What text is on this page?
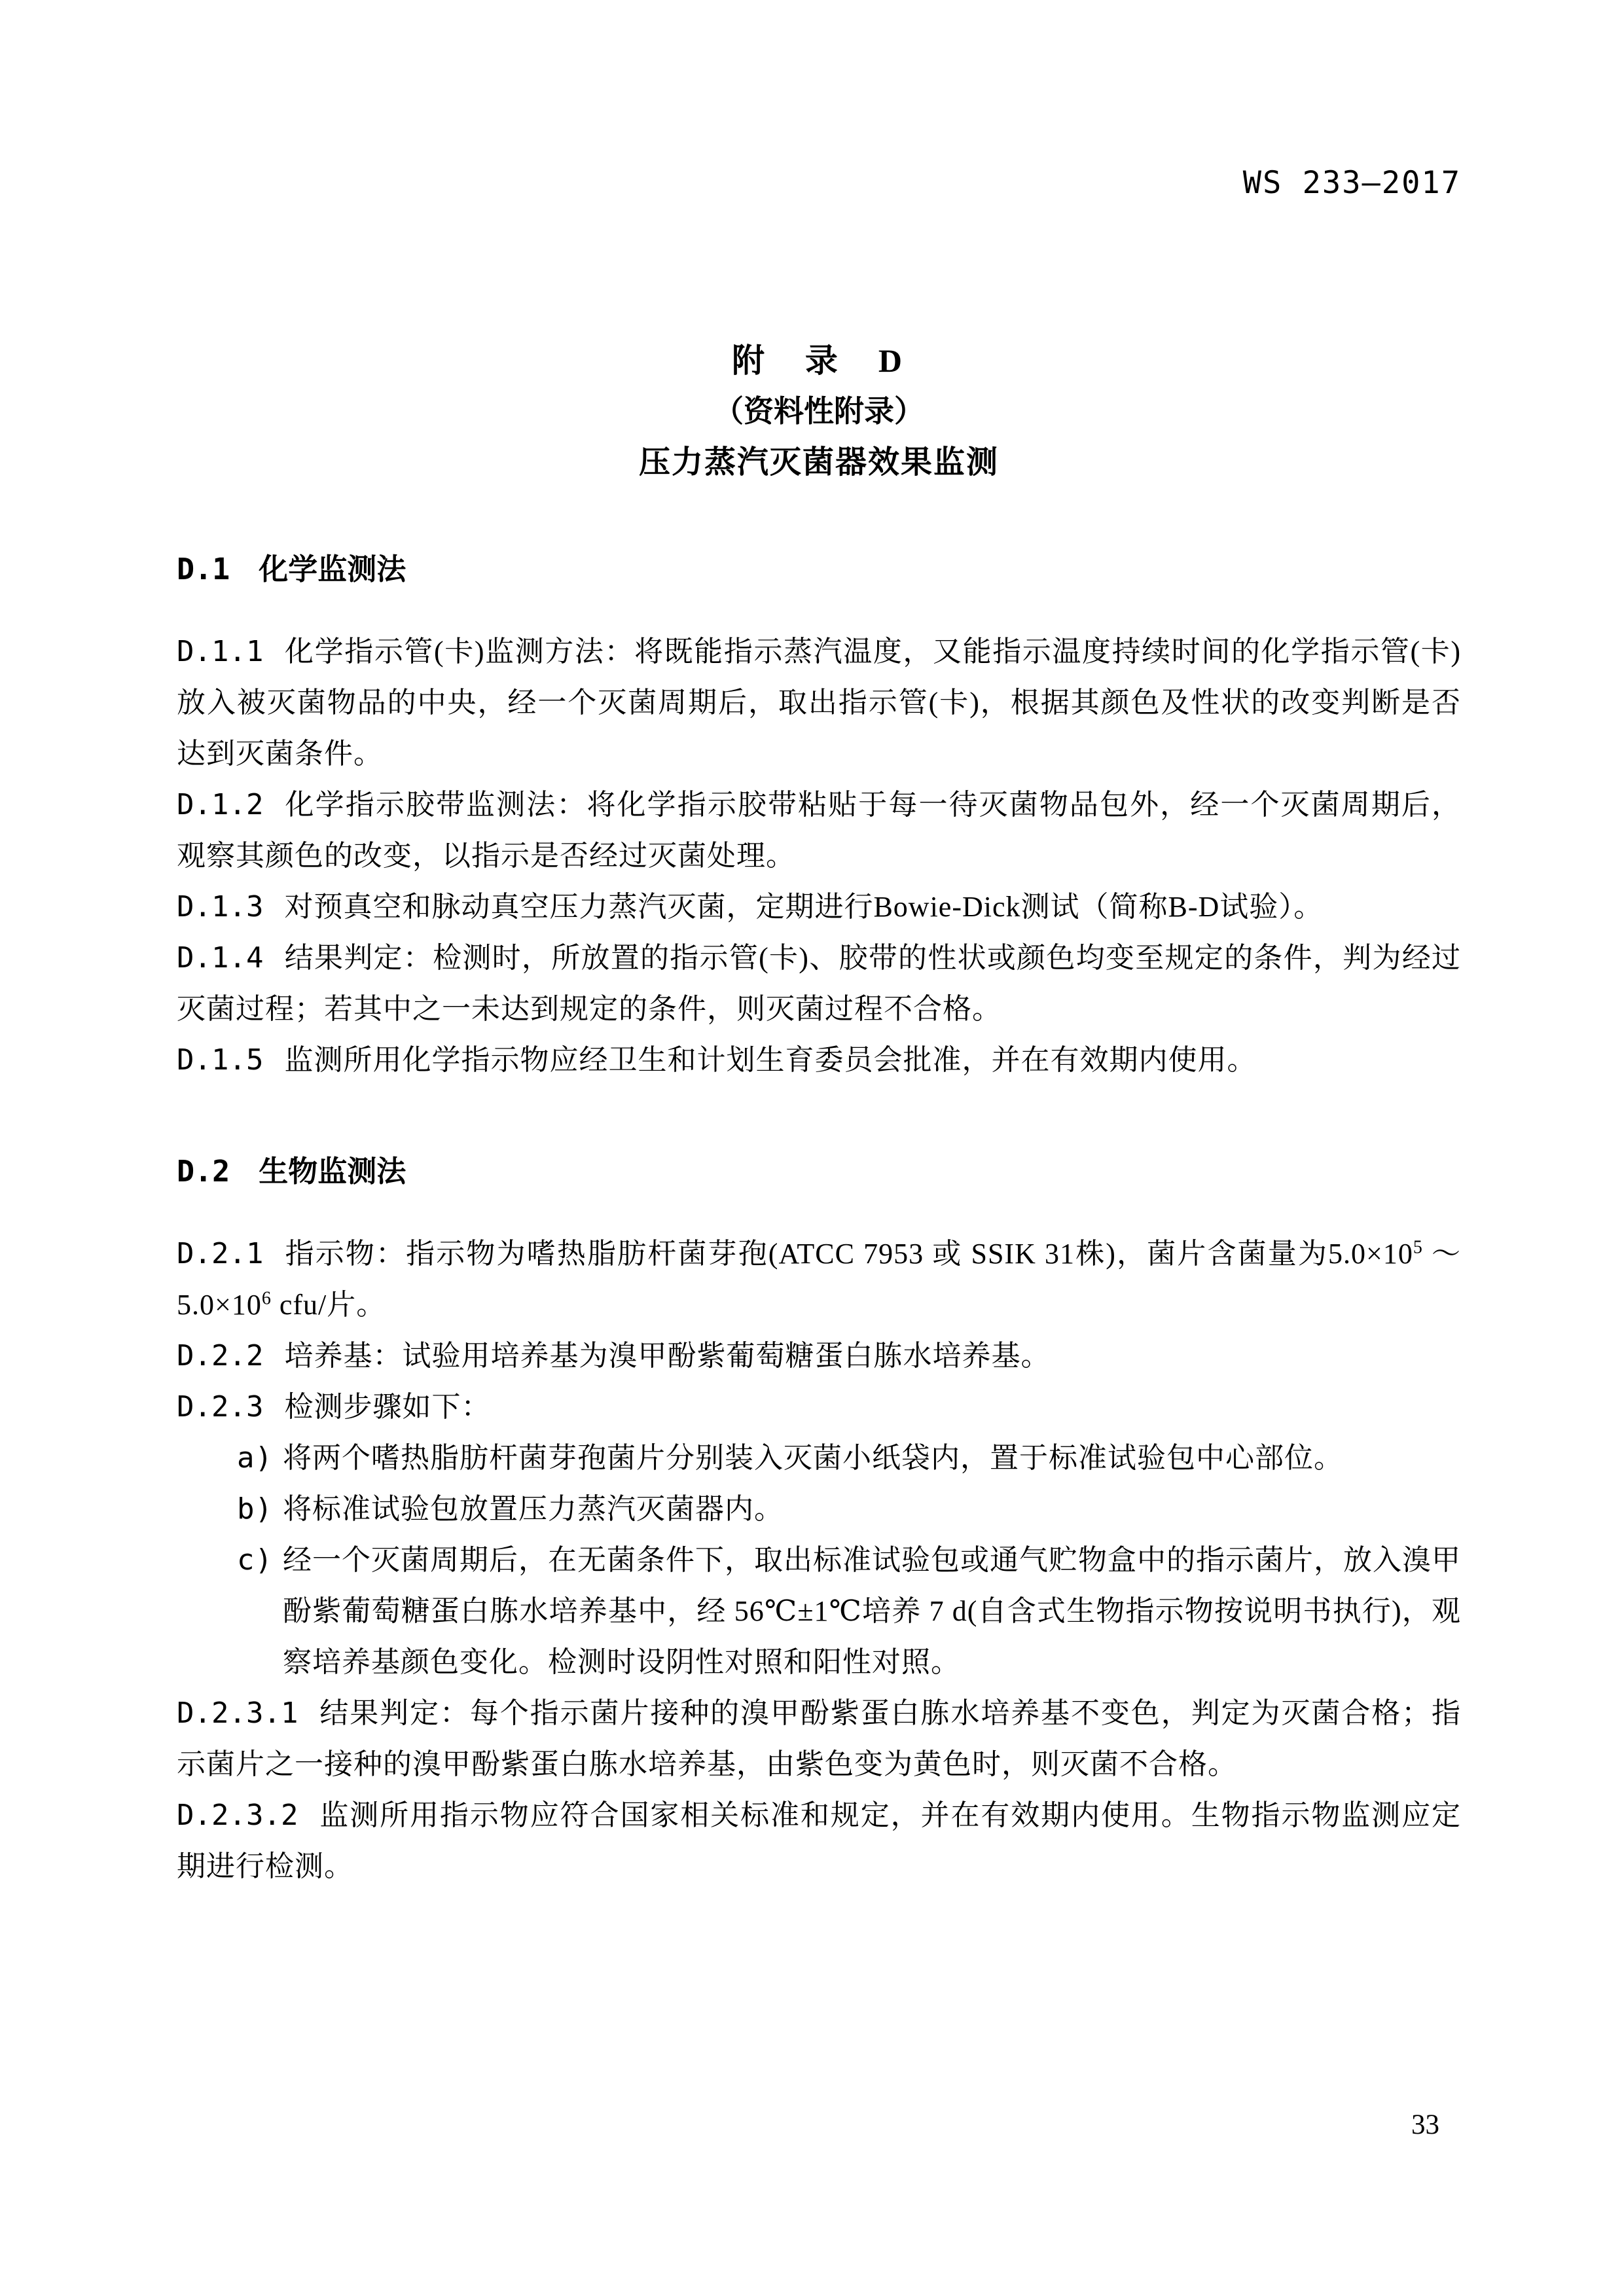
WS 233—2017
附　录　D
（资料性附录）
压力蒸汽灭菌器效果监测
D.1 化学监测法

D.1.1 化学指示管(卡)监测方法：将既能指示蒸汽温度，又能指示温度持续时间的化学指示管(卡)放入被灭菌物品的中央，经一个灭菌周期后，取出指示管(卡)，根据其颜色及性状的改变判断是否达到灭菌条件。

D.1.2 化学指示胶带监测法：将化学指示胶带粘贴于每一待灭菌物品包外，经一个灭菌周期后，观察其颜色的改变，以指示是否经过灭菌处理。

D.1.3 对预真空和脉动真空压力蒸汽灭菌，定期进行Bowie-Dick测试（简称B-D试验）。

D.1.4 结果判定：检测时，所放置的指示管(卡)、胶带的性状或颜色均变至规定的条件，判为经过灭菌过程；若其中之一未达到规定的条件，则灭菌过程不合格。

D.1.5 监测所用化学指示物应经卫生和计划生育委员会批准，并在有效期内使用。

D.2 生物监测法

D.2.1 指示物：指示物为嗜热脂肪杆菌芽孢(ATCC 7953 或 SSIK 31株)，菌片含菌量为$5.0\times 10^5$ ～ $5.0\times 10^6$ cfu/片。

D.2.2 培养基：试验用培养基为溴甲酚紫葡萄糖蛋白胨水培养基。

D.2.3 检测步骤如下：

a) 将两个嗜热脂肪杆菌芽孢菌片分别装入灭菌小纸袋内，置于标准试验包中心部位。
b) 将标准试验包放置压力蒸汽灭菌器内。
c) 经一个灭菌周期后，在无菌条件下，取出标准试验包或通气贮物盒中的指示菌片，放入溴甲酚紫葡萄糖蛋白胨水培养基中，经 56℃±1℃培养 7 d(自含式生物指示物按说明书执行)，观察培养基颜色变化。检测时设阴性对照和阳性对照。

D.2.3.1 结果判定：每个指示菌片接种的溴甲酚紫蛋白胨水培养基不变色，判定为灭菌合格；指示菌片之一接种的溴甲酚紫蛋白胨水培养基，由紫色变为黄色时，则灭菌不合格。

D.2.3.2 监测所用指示物应符合国家相关标准和规定，并在有效期内使用。生物指示物监测应定期进行检测。

33
